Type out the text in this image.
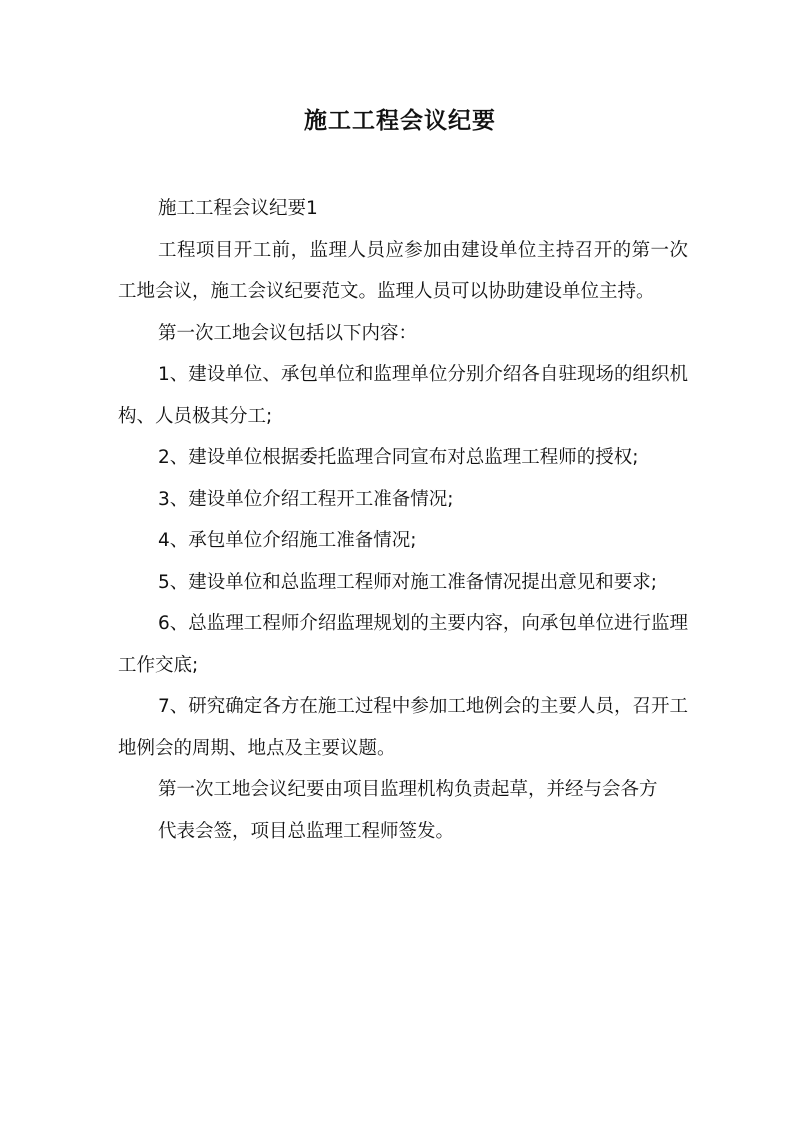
施工工程会议纪要

施工工程会议纪要1

工程项目开工前，监理人员应参加由建设单位主持召开的第一次工地会议，施工会议纪要范文。监理人员可以协助建设单位主持。

第一次工地会议包括以下内容：

1、建设单位、承包单位和监理单位分别介绍各自驻现场的组织机构、人员极其分工;

2、建设单位根据委托监理合同宣布对总监理工程师的授权;

3、建设单位介绍工程开工准备情况;

4、承包单位介绍施工准备情况;

5、建设单位和总监理工程师对施工准备情况提出意见和要求;

6、总监理工程师介绍监理规划的主要内容，向承包单位进行监理工作交底;

7、研究确定各方在施工过程中参加工地例会的主要人员，召开工地例会的周期、地点及主要议题。

第一次工地会议纪要由项目监理机构负责起草，并经与会各方

代表会签，项目总监理工程师签发。
